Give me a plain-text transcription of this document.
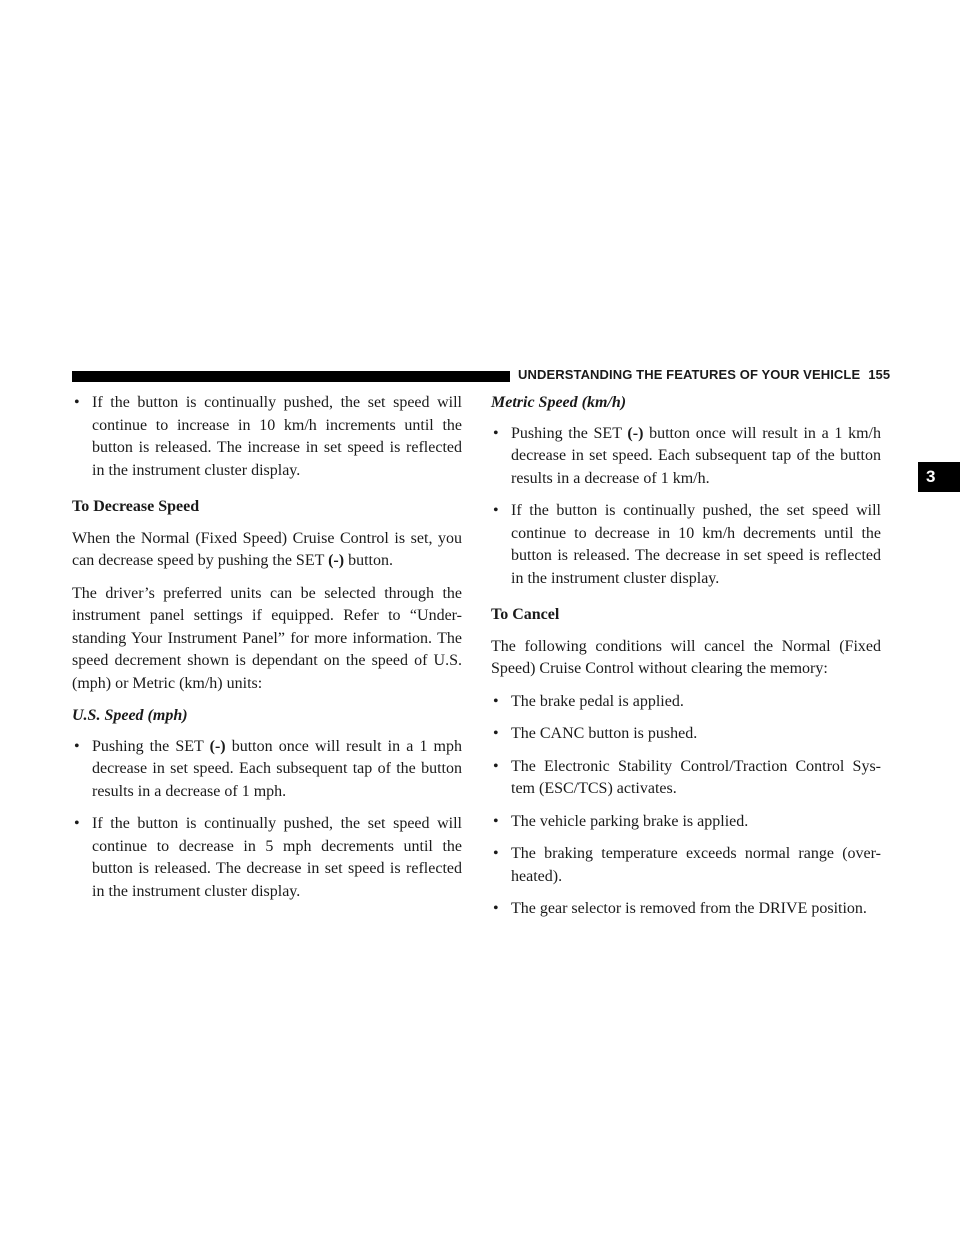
UNDERSTANDING THE FEATURES OF YOUR VEHICLE 155
3

• If the button is continually pushed, the set speed will continue to increase in 10 km/h increments until the button is released. The increase in set speed is reflected in the instrument cluster display.

To Decrease Speed

When the Normal (Fixed Speed) Cruise Control is set, you can decrease speed by pushing the SET (-) button.

The driver’s preferred units can be selected through the instrument panel settings if equipped. Refer to “Under-standing Your Instrument Panel” for more information. The speed decrement shown is dependant on the speed of U.S. (mph) or Metric (km/h) units:

U.S. Speed (mph)

• Pushing the SET (-) button once will result in a 1 mph decrease in set speed. Each subsequent tap of the button results in a decrease of 1 mph.

• If the button is continually pushed, the set speed will continue to decrease in 5 mph decrements until the button is released. The decrease in set speed is reflected in the instrument cluster display.

Metric Speed (km/h)

• Pushing the SET (-) button once will result in a 1 km/h decrease in set speed. Each subsequent tap of the button results in a decrease of 1 km/h.

• If the button is continually pushed, the set speed will continue to decrease in 10 km/h decrements until the button is released. The decrease in set speed is reflected in the instrument cluster display.

To Cancel

The following conditions will cancel the Normal (Fixed Speed) Cruise Control without clearing the memory:

• The brake pedal is applied.

• The CANC button is pushed.

• The Electronic Stability Control/Traction Control Sys-tem (ESC/TCS) activates.

• The vehicle parking brake is applied.

• The braking temperature exceeds normal range (over-heated).

• The gear selector is removed from the DRIVE position.
